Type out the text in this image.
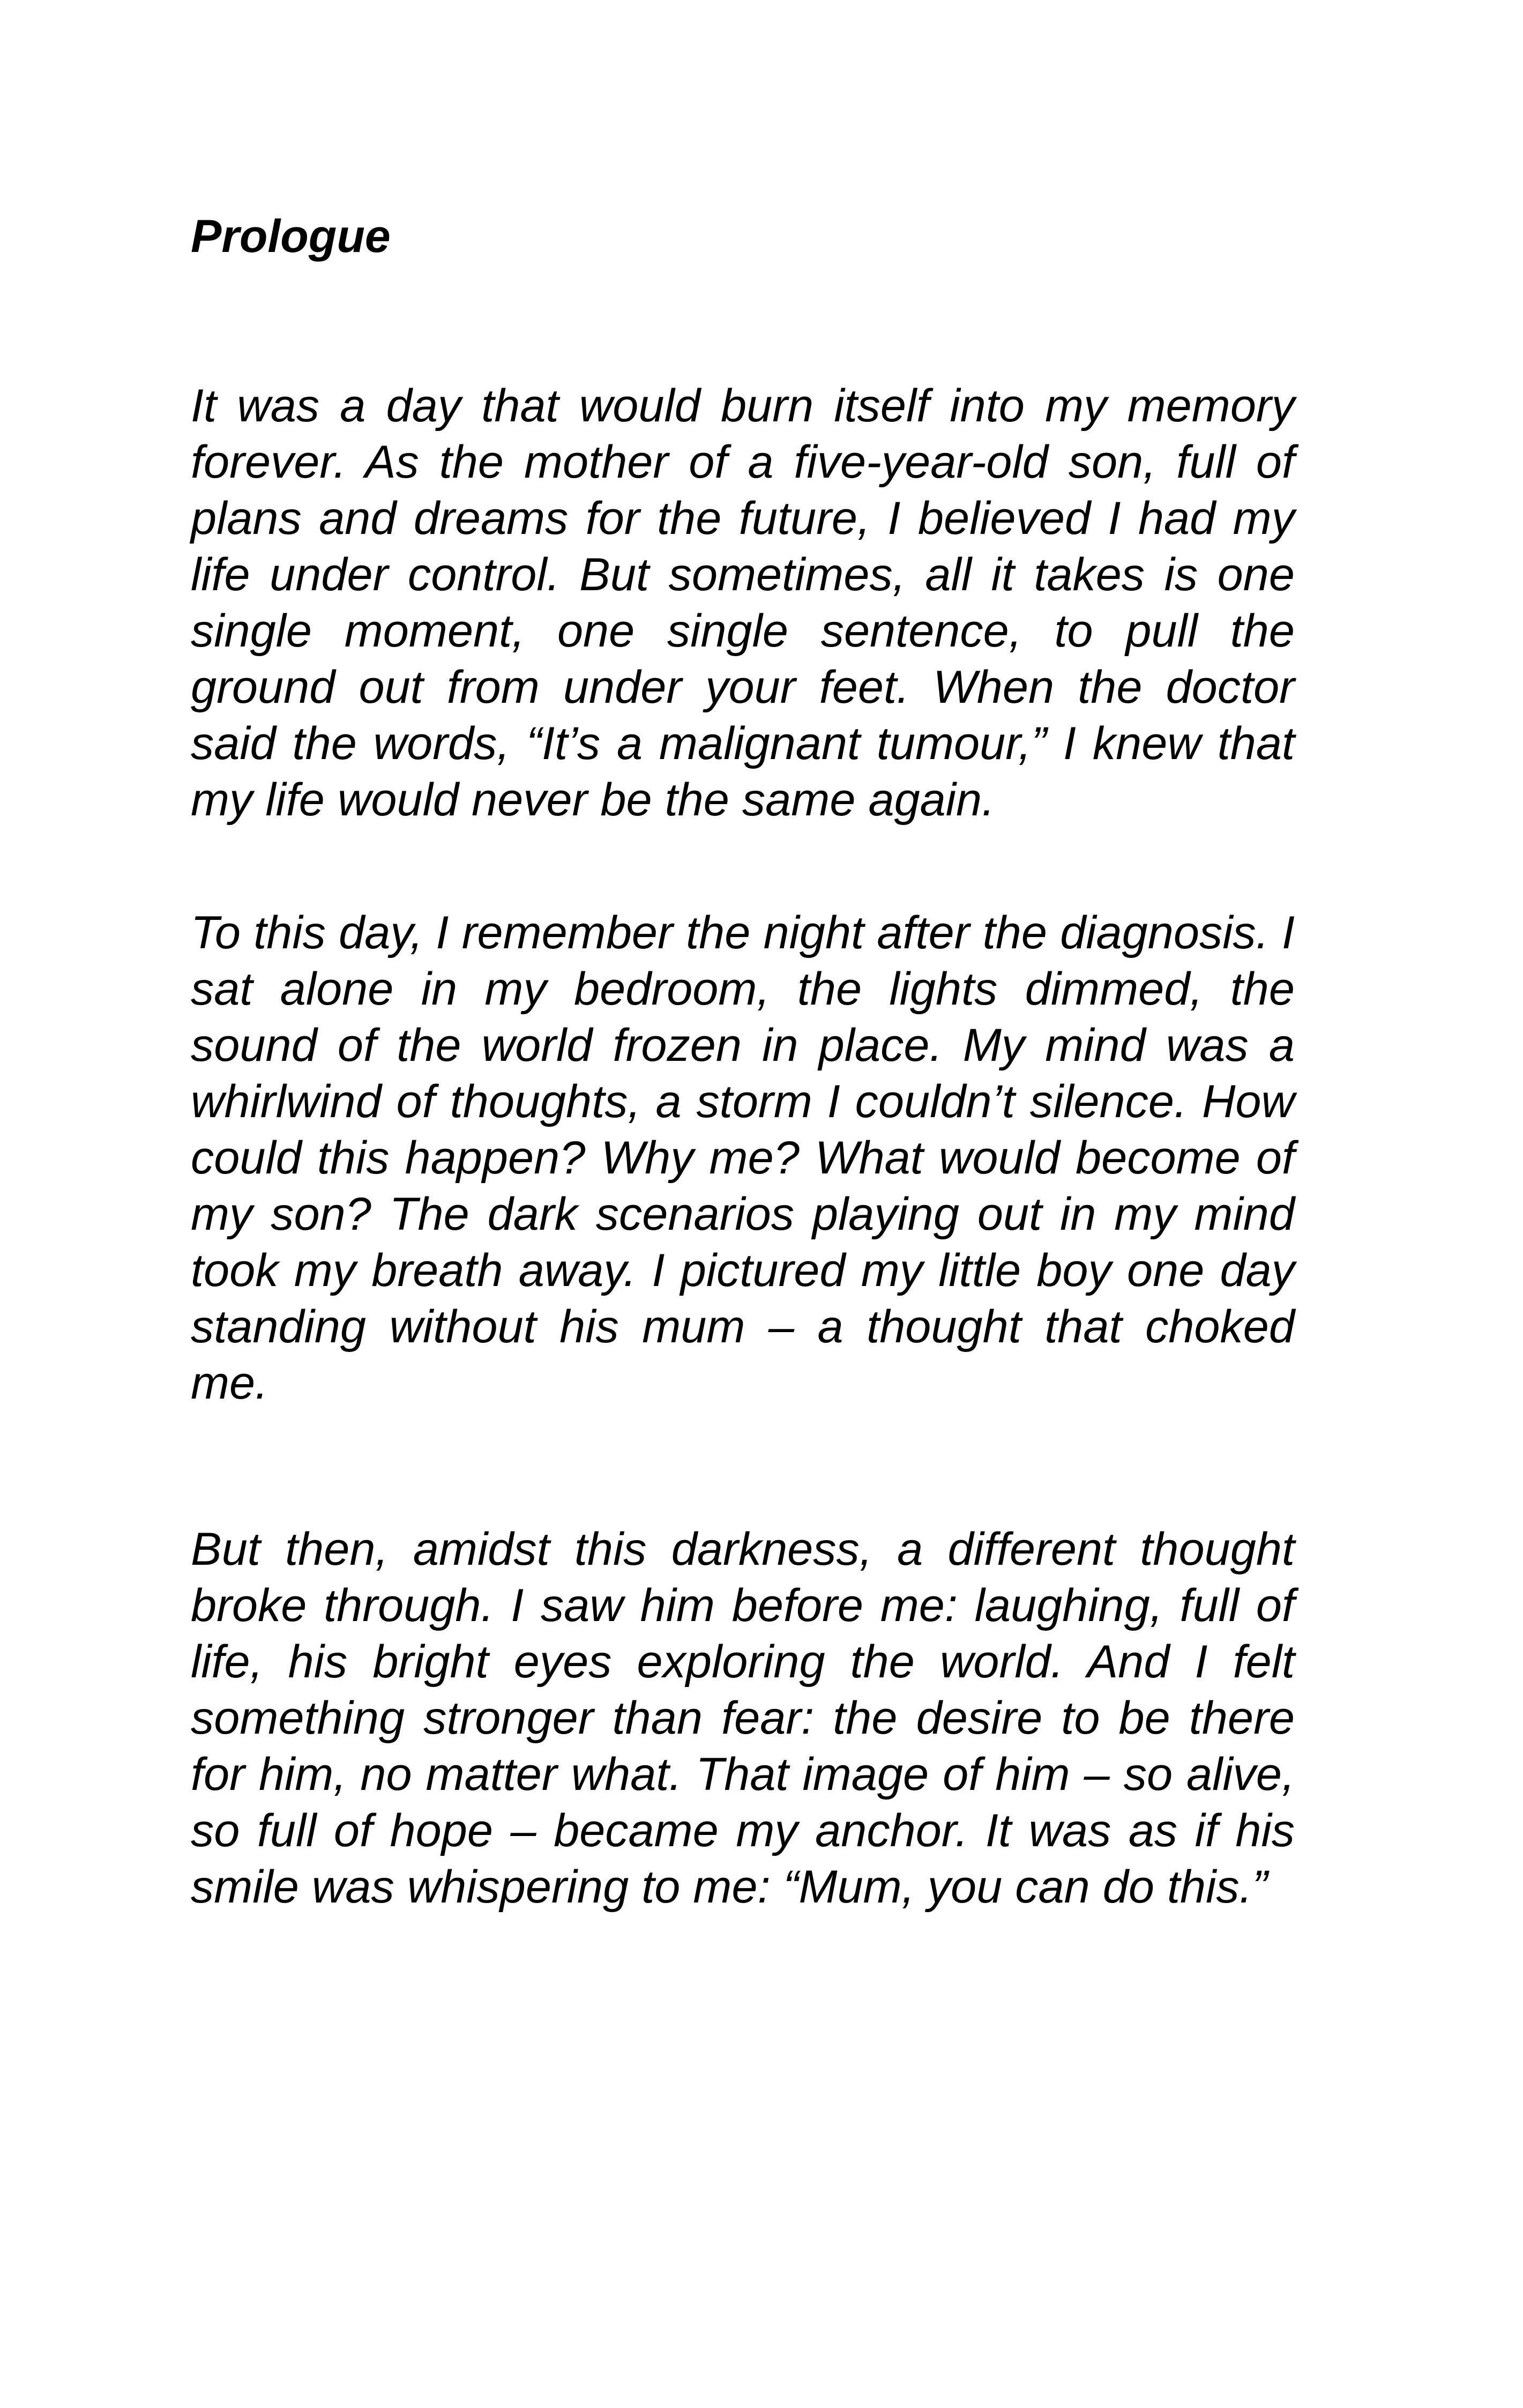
Prologue

It was a day that would burn itself into my memory forever. As the mother of a five-year-old son, full of plans and dreams for the future, I believed I had my life under control. But sometimes, all it takes is one single moment, one single sentence, to pull the ground out from under your feet. When the doctor said the words, “It’s a malignant tumour,” I knew that my life would never be the same again.

To this day, I remember the night after the diagnosis. I sat alone in my bedroom, the lights dimmed, the sound of the world frozen in place. My mind was a whirlwind of thoughts, a storm I couldn’t silence. How could this happen? Why me? What would become of my son? The dark scenarios playing out in my mind took my breath away. I pictured my little boy one day standing without his mum – a thought that choked me.

But then, amidst this darkness, a different thought broke through. I saw him before me: laughing, full of life, his bright eyes exploring the world. And I felt something stronger than fear: the desire to be there for him, no matter what. That image of him – so alive, so full of hope – became my anchor. It was as if his smile was whispering to me: “Mum, you can do this.”
